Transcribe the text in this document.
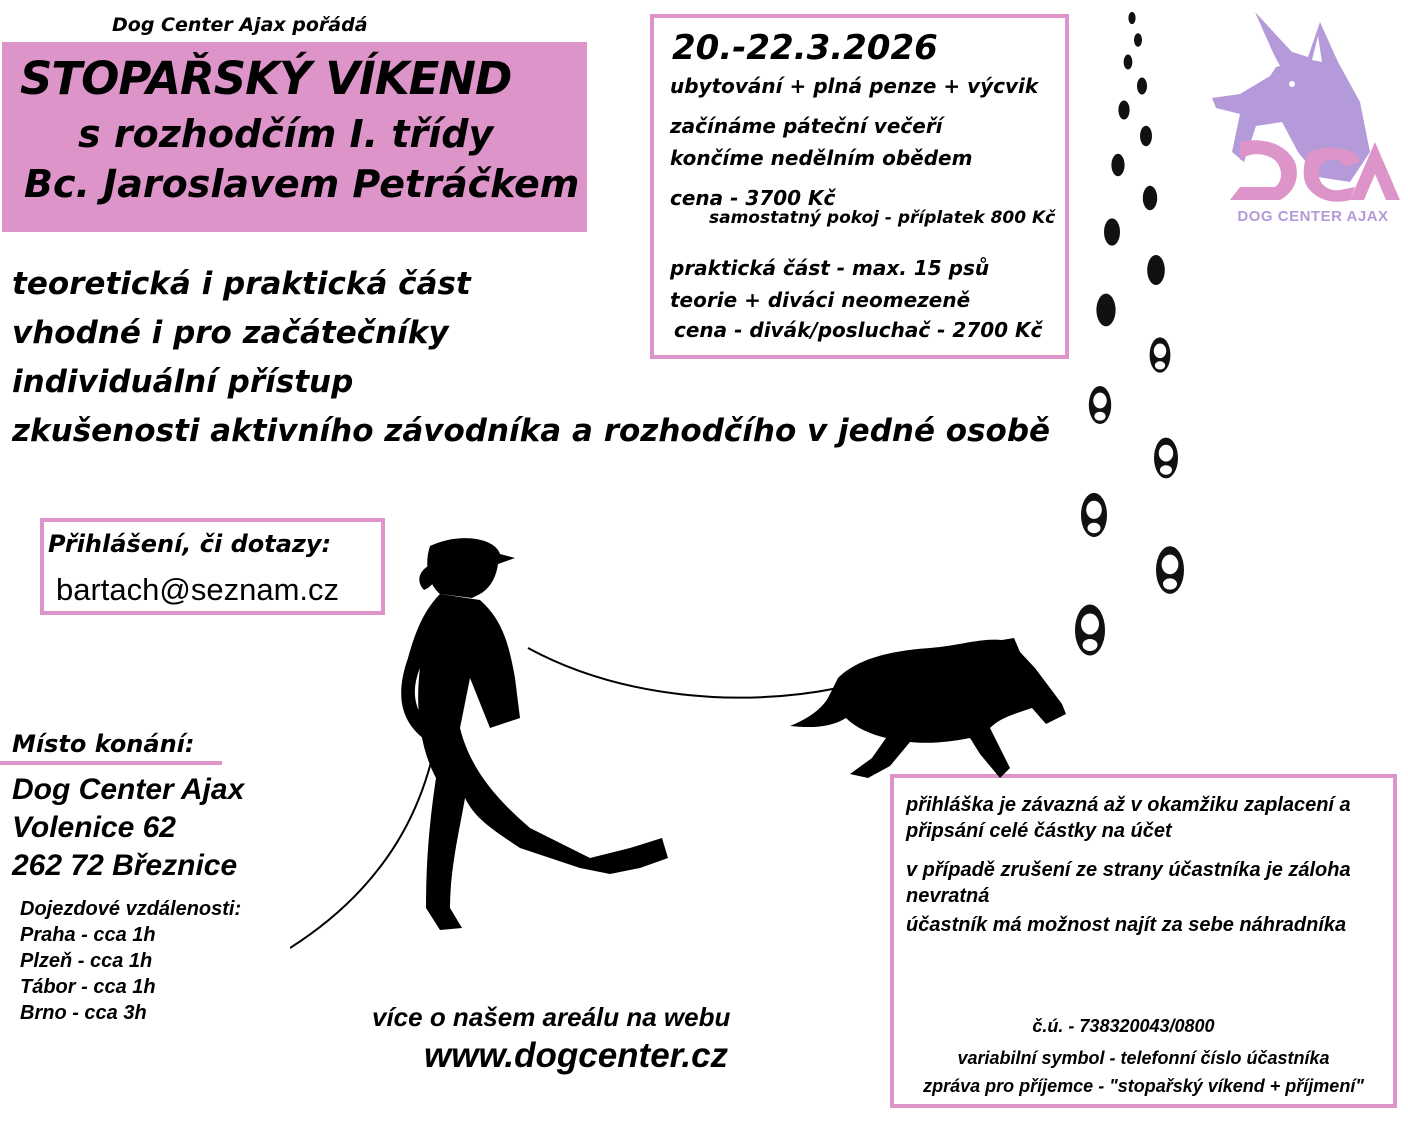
Dog Center Ajax pořádá
STOPAŘSKÝ VÍKEND
s rozhodčím I. třídy
Bc. Jaroslavem Petráčkem
20.-22.3.2026
ubytování + plná penze + výcvik
začínáme páteční večeří
končíme nedělním obědem
cena - 3700 Kč
samostatný pokoj - příplatek 800 Kč
praktická část - max. 15 psů
teorie + diváci neomezeně
cena - divák/posluchač - 2700 Kč
teoretická i praktická část
vhodné i pro začátečníky
individuální přístup
zkušenosti aktivního závodníka a rozhodčího v jedné osobě
Přihlášení, či dotazy:
bartach@seznam.cz
Místo konání:
Dog Center Ajax
Volenice 62
262 72 Březnice
Dojezdové vzdálenosti:
Praha - cca 1h
Plzeň - cca 1h
Tábor - cca 1h
Brno - cca 3h	více o našem areálu na webu
www.dogcenter.cz
přihláška je závazná až v okamžiku zaplacení a připsání celé částky na účet
v případě zrušení ze strany účastníka je záloha nevratná
účastník má možnost najít za sebe náhradníka
č.ú. - 738320043/0800
variabilní symbol - telefonní číslo účastníka
zpráva pro příjemce - "stopařský víkend + příjmení"
DOG CENTER AJAX
